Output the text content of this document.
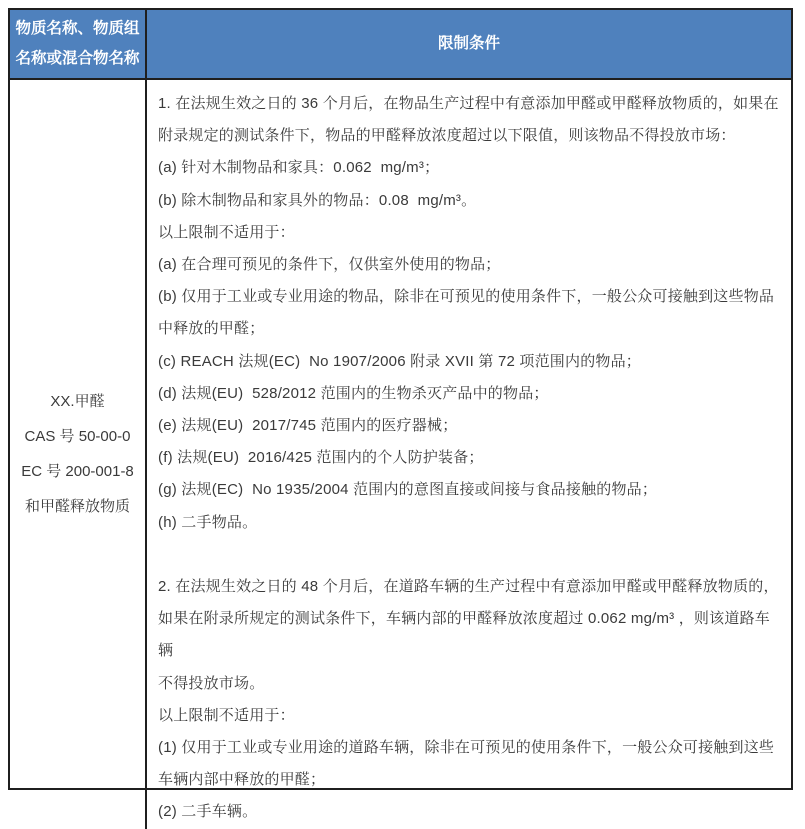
物质名称、物质组
名称或混合物名称
限制条件
XX.甲醛
CAS 号 50-00-0
EC 号 200-001-8
和甲醛释放物质
1. 在法规生效之日的 36 个月后，在物品生产过程中有意添加甲醛或甲醛释放物质的，如果在
附录规定的测试条件下，物品的甲醛释放浓度超过以下限值，则该物品不得投放市场：
(a) 针对木制物品和家具：0.062  mg/m³；
(b) 除木制物品和家具外的物品：0.08  mg/m³。
以上限制不适用于：
(a) 在合理可预见的条件下，仅供室外使用的物品；
(b) 仅用于工业或专业用途的物品，除非在可预见的使用条件下，一般公众可接触到这些物品
中释放的甲醛；
(c) REACH 法规(EC)  No 1907/2006 附录 XVII 第 72 项范围内的物品；
(d) 法规(EU)  528/2012 范围内的生物杀灭产品中的物品；
(e) 法规(EU)  2017/745 范围内的医疗器械；
(f) 法规(EU)  2016/425 范围内的个人防护装备；
(g) 法规(EC)  No 1935/2004 范围内的意图直接或间接与食品接触的物品；
(h) 二手物品。
2. 在法规生效之日的 48 个月后，在道路车辆的生产过程中有意添加甲醛或甲醛释放物质的，
如果在附录所规定的测试条件下，车辆内部的甲醛释放浓度超过 0.062 mg/m³ ，则该道路车辆
不得投放市场。
以上限制不适用于：
(1) 仅用于工业或专业用途的道路车辆，除非在可预见的使用条件下，一般公众可接触到这些
车辆内部中释放的甲醛；
(2) 二手车辆。
